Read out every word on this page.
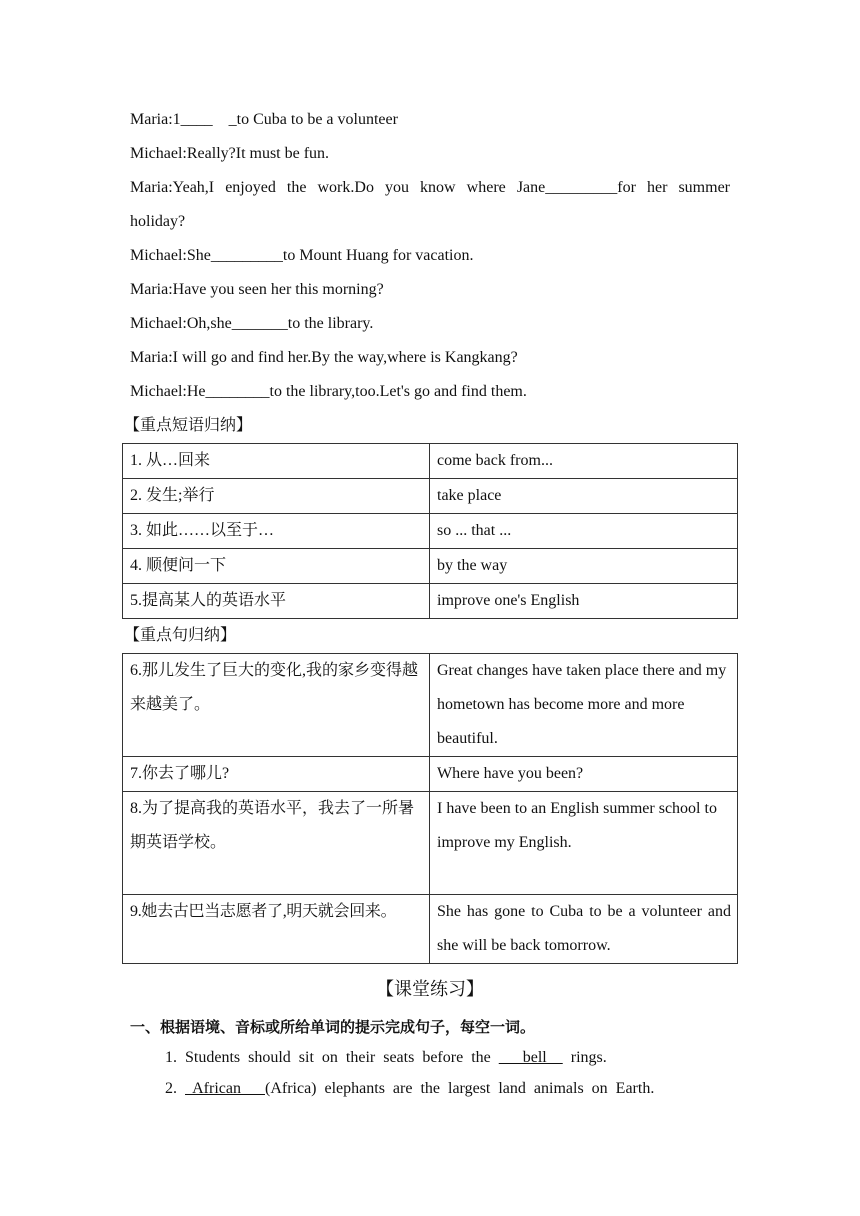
Maria:1____    _to Cuba to be a volunteer
Michael:Really?It must be fun.
Maria:Yeah,I enjoyed the work.Do you know where Jane_________for her summer holiday?
Michael:She_________to Mount Huang for vacation.
Maria:Have you seen her this morning?
Michael:Oh,she_______to the library.
Maria:I will go and find her.By the way,where is Kangkang?
Michael:He________to the library,too.Let's go and find them.
【重点短语归纳】
1. 从…回来	come back from...
2. 发生;举行	take place
3. 如此……以至于…	so ... that ...
4. 顺便问一下	by the way
5.提高某人的英语水平	improve one's English
【重点句归纳】
6.那儿发生了巨大的变化,我的家乡变得越来越美了。	Great changes have taken place there and my hometown has become more and more beautiful.
7.你去了哪儿?	Where have you been?
8.为了提高我的英语水平，我去了一所暑期英语学校。	I have been to an English summer school to improve my English.
9.她去古巴当志愿者了,明天就会回来。	She has gone to Cuba to be a volunteer and she will be back tomorrow.
【课堂练习】
一、根据语境、音标或所给单词的提示完成句子，每空一词。
1. Students should sit on their seats before the    bell   rings.
2.  African   (Africa) elephants are the largest land animals on Earth.
